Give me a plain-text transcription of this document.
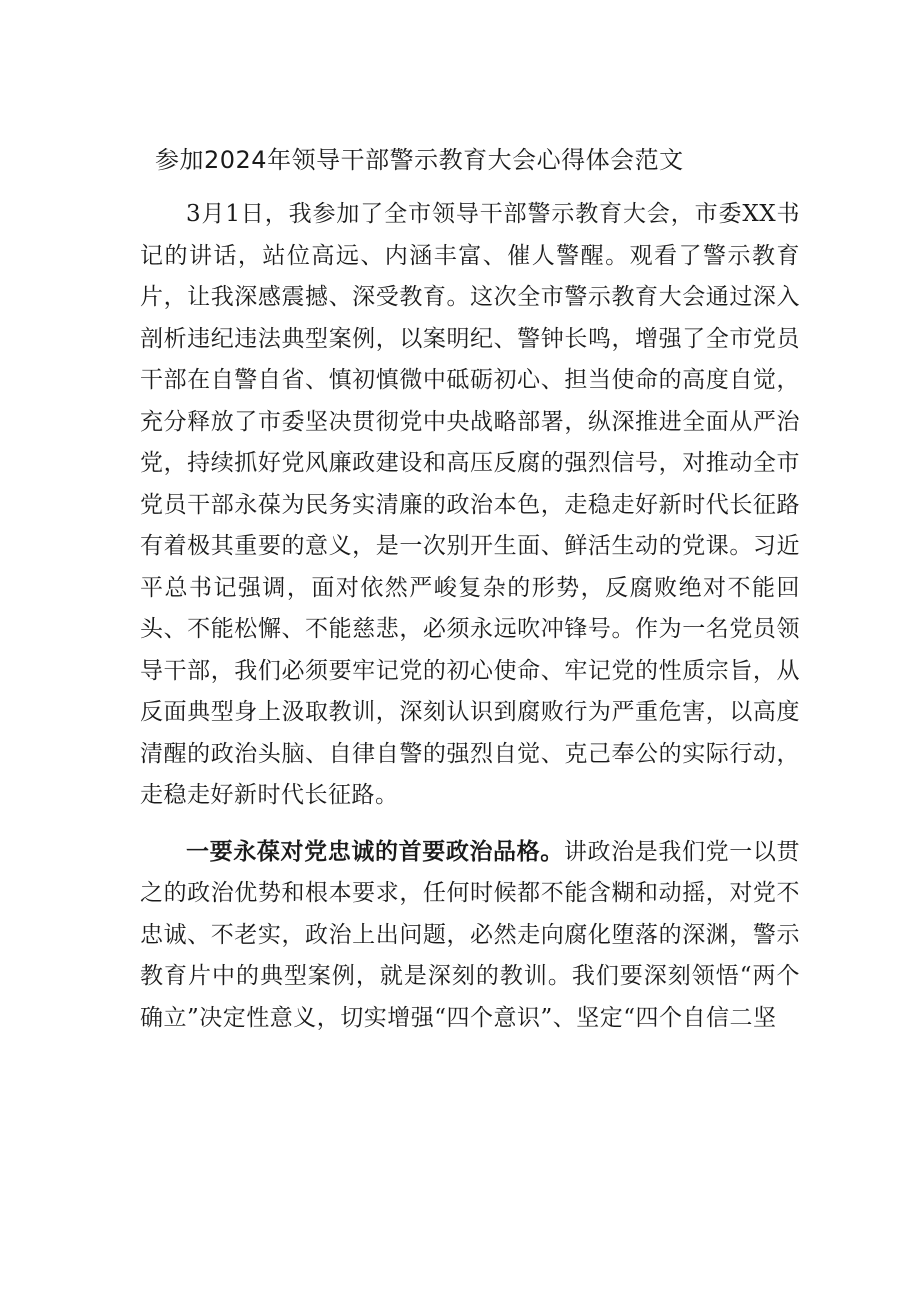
参加2024年领导干部警示教育大会心得体会范文

3月1日，我参加了全市领导干部警示教育大会，市委XX书记的讲话，站位高远、内涵丰富、催人警醒。观看了警示教育片，让我深感震撼、深受教育。这次全市警示教育大会通过深入剖析违纪违法典型案例，以案明纪、警钟长鸣，增强了全市党员干部在自警自省、慎初慎微中砥砺初心、担当使命的高度自觉，充分释放了市委坚决贯彻党中央战略部署，纵深推进全面从严治党，持续抓好党风廉政建设和高压反腐的强烈信号，对推动全市党员干部永葆为民务实清廉的政治本色，走稳走好新时代长征路有着极其重要的意义，是一次别开生面、鲜活生动的党课。习近平总书记强调，面对依然严峻复杂的形势，反腐败绝对不能回头、不能松懈、不能慈悲，必须永远吹冲锋号。作为一名党员领导干部，我们必须要牢记党的初心使命、牢记党的性质宗旨，从反面典型身上汲取教训，深刻认识到腐败行为严重危害，以高度清醒的政治头脑、自律自警的强烈自觉、克己奉公的实际行动，走稳走好新时代长征路。

一要永葆对党忠诚的首要政治品格。讲政治是我们党一以贯之的政治优势和根本要求，任何时候都不能含糊和动摇，对党不忠诚、不老实，政治上出问题，必然走向腐化堕落的深渊，警示教育片中的典型案例，就是深刻的教训。我们要深刻领悟“两个确立”决定性意义，切实增强“四个意识”、坚定“四个自信二坚
